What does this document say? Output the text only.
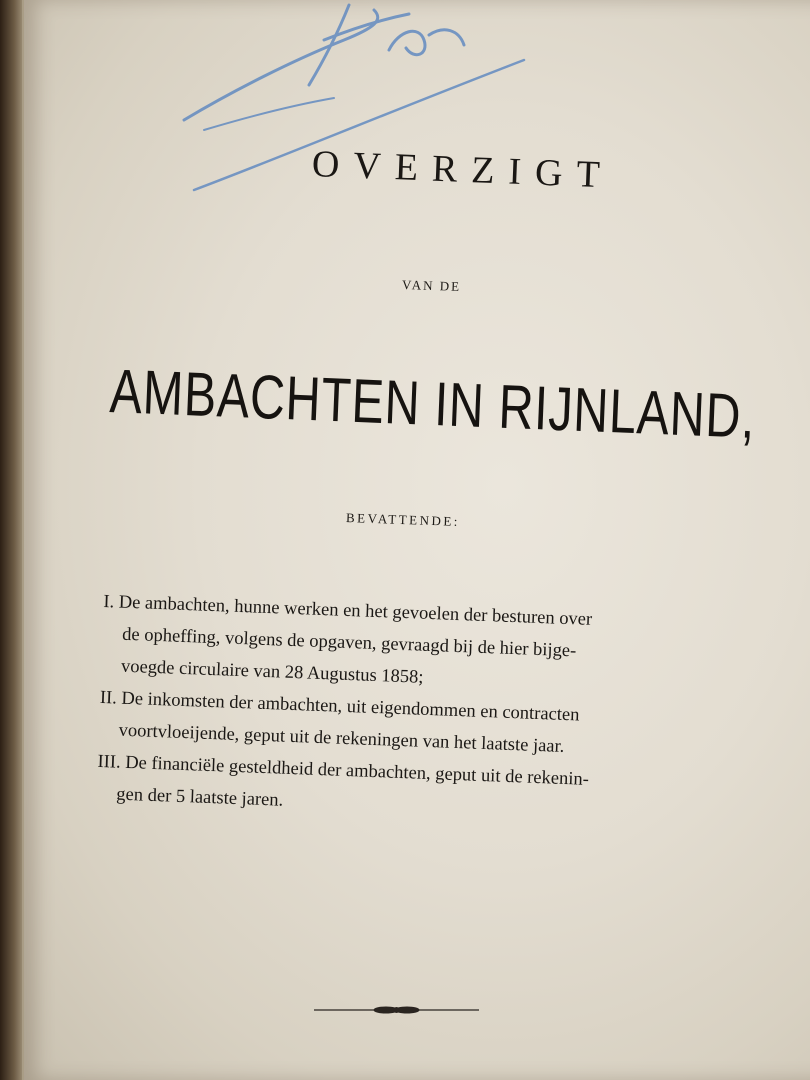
OVERZIGT
VAN DE
AMBACHTEN IN RIJNLAND,
BEVATTENDE:
I. De ambachten, hunne werken en het gevoelen der besturen over
de opheffing, volgens de opgaven, gevraagd bij de hier bijge-
voegde circulaire van 28 Augustus 1858;
II. De inkomsten der ambachten, uit eigendommen en contracten
voortvloeijende, geput uit de rekeningen van het laatste jaar.
III. De financiële gesteldheid der ambachten, geput uit de rekenin-
gen der 5 laatste jaren.
